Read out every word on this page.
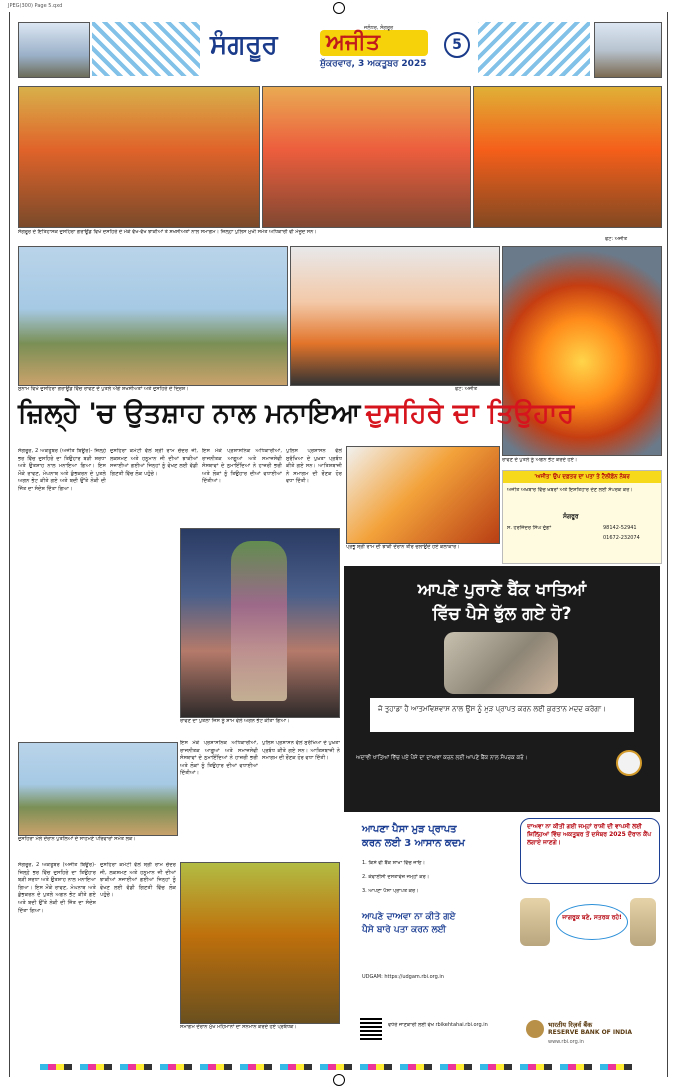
JPEG(300) Page 5.qxd
ਸੰਗਰੂਰ ਅਜੀਤ
ਜਲੰਧਰ, ਸੰਗਰੂਰ
ਸ਼ੁੱਕਰਵਾਰ, 3 ਅਕਤੂਬਰ 2025
5
ਸੰਗਰੂਰ ਦੇ ਇਤਿਹਾਸਕ ਦੁਸਹਿਰਾ ਗਰਾਊਂਡ ਵਿਖੇ ਦਸਹਿਰੇ ਦੇ ਮੌਕੇ ਵੱਖ-ਵੱਖ ਝਾਕੀਆਂ ਤੇ ਸ਼ਖਸੀਅਤਾਂ ਨਾਲ ਸਮਾਗਮ। ਜ਼ਿਲ੍ਹਾ ਪੁਲਿਸ ਮੁਖੀ ਸਮੇਤ ਅਧਿਕਾਰੀ ਵੀ ਮੌਜੂਦ ਸਨ।
ਫੋਟੋ: ਅਜੀਤ
ਸੁਨਾਮ ਵਿਖੇ ਦੁਸਹਿਰਾ ਗਰਾਊਂਡ ਵਿੱਚ ਰਾਵਣ ਦੇ ਪੁਤਲੇ ਅੱਗੇ ਸ਼ਖਸੀਅਤਾਂ ਅਤੇ ਦੁਸਹਿਰੇ ਦੇ ਦ੍ਰਿਸ਼।	ਫੋਟੋ: ਅਜੀਤ
ਰਾਵਣ ਦੇ ਪੁਤਲੇ ਨੂੰ ਅਗਨ ਭੇਟ ਕਰਦੇ ਹੋਏ।
ਜ਼ਿਲ੍ਹੇ 'ਚ ਉਤਸ਼ਾਹ ਨਾਲ ਮਨਾਇਆ ਦੁਸਹਿਰੇ ਦਾ ਤਿਉਹਾਰ
ਸੰਗਰੂਰ, 2 ਅਕਤੂਬਰ (ਅਜੀਤ ਬਿਊਰੋ)- ਜ਼ਿਲ੍ਹੇ ਭਰ ਵਿੱਚ ਦੁਸਹਿਰੇ ਦਾ ਤਿਉਹਾਰ ਬੜੀ ਸ਼ਰਧਾ ਅਤੇ ਉਤਸ਼ਾਹ ਨਾਲ ਮਨਾਇਆ ਗਿਆ। ਇਸ ਮੌਕੇ ਰਾਵਣ, ਮੇਘਨਾਥ ਅਤੇ ਕੁੰਭਕਰਨ ਦੇ ਪੁਤਲੇ ਅਗਨ ਭੇਟ ਕੀਤੇ ਗਏ ਅਤੇ ਬਦੀ ਉੱਤੇ ਨੇਕੀ ਦੀ ਜਿੱਤ ਦਾ ਸੰਦੇਸ਼ ਦਿੱਤਾ ਗਿਆ।
ਦੁਸਹਿਰਾ ਕਮੇਟੀ ਵੱਲੋਂ ਸ਼੍ਰੀ ਰਾਮ ਚੰਦਰ ਜੀ, ਲਕਸ਼ਮਣ ਅਤੇ ਹਨੂਮਾਨ ਜੀ ਦੀਆਂ ਝਾਕੀਆਂ ਸਜਾਈਆਂ ਗਈਆਂ ਜਿਨ੍ਹਾਂ ਨੂੰ ਵੇਖਣ ਲਈ ਵੱਡੀ ਗਿਣਤੀ ਵਿੱਚ ਲੋਕ ਪਹੁੰਚੇ।
ਇਸ ਮੌਕੇ ਪ੍ਰਸ਼ਾਸਨਿਕ ਅਧਿਕਾਰੀਆਂ, ਰਾਜਨੀਤਕ ਆਗੂਆਂ ਅਤੇ ਸਮਾਜਸੇਵੀ ਸੰਸਥਾਵਾਂ ਦੇ ਨੁਮਾਇੰਦਿਆਂ ਨੇ ਹਾਜ਼ਰੀ ਭਰੀ ਅਤੇ ਲੋਕਾਂ ਨੂੰ ਤਿਉਹਾਰ ਦੀਆਂ ਵਧਾਈਆਂ ਦਿੱਤੀਆਂ।
ਪੁਲਿਸ ਪ੍ਰਸ਼ਾਸਨ ਵੱਲੋਂ ਸੁਰੱਖਿਆ ਦੇ ਪੁਖ਼ਤਾ ਪ੍ਰਬੰਧ ਕੀਤੇ ਗਏ ਸਨ। ਆਤਿਸ਼ਬਾਜ਼ੀ ਨੇ ਸਮਾਗਮ ਦੀ ਰੌਣਕ ਹੋਰ ਵਧਾ ਦਿੱਤੀ।
ਪ੍ਰਭੂ ਸ਼੍ਰੀ ਰਾਮ ਦੀ ਝਾਕੀ ਦੌਰਾਨ ਤੀਰ ਚਲਾਉਂਦੇ ਹੋਏ ਕਲਾਕਾਰ।
'ਅਜੀਤ' ਉਪ ਦਫ਼ਤਰ ਦਾ ਪਤਾ ਤੇ ਟੈਲੀਫ਼ੋਨ ਨੰਬਰ
ਅਜੀਤ ਅਖ਼ਬਾਰ ਵਿੱਚ ਖ਼ਬਰਾਂ ਅਤੇ ਇਸ਼ਤਿਹਾਰ ਦੇਣ ਲਈ ਸੰਪਰਕ ਕਰੋ।
ਸੰਗਰੂਰ
ਸ. ਹਰਜਿੰਦਰ ਸਿੰਘ ਦੁੱਗਾਂ	98142-52941
01672-232074
ਰਾਵਣ ਦਾ ਪੁਤਲਾ ਜਿਸ ਨੂੰ ਸ਼ਾਮ ਵੇਲੇ ਅਗਨ ਭੇਟ ਕੀਤਾ ਗਿਆ।
ਦੁਸਹਿਰਾ ਮੇਲੇ ਦੌਰਾਨ ਪੁਤਲਿਆਂ ਦੇ ਸਾਹਮਣੇ ਪਰਿਵਾਰਾਂ ਸਮੇਤ ਲੋਕ।
ਸੰਗਰੂਰ, 2 ਅਕਤੂਬਰ (ਅਜੀਤ ਬਿਊਰੋ)- ਜ਼ਿਲ੍ਹੇ ਭਰ ਵਿੱਚ ਦੁਸਹਿਰੇ ਦਾ ਤਿਉਹਾਰ ਬੜੀ ਸ਼ਰਧਾ ਅਤੇ ਉਤਸ਼ਾਹ ਨਾਲ ਮਨਾਇਆ ਗਿਆ। ਇਸ ਮੌਕੇ ਰਾਵਣ, ਮੇਘਨਾਥ ਅਤੇ ਕੁੰਭਕਰਨ ਦੇ ਪੁਤਲੇ ਅਗਨ ਭੇਟ ਕੀਤੇ ਗਏ ਅਤੇ ਬਦੀ ਉੱਤੇ ਨੇਕੀ ਦੀ ਜਿੱਤ ਦਾ ਸੰਦੇਸ਼ ਦਿੱਤਾ ਗਿਆ।
ਦੁਸਹਿਰਾ ਕਮੇਟੀ ਵੱਲੋਂ ਸ਼੍ਰੀ ਰਾਮ ਚੰਦਰ ਜੀ, ਲਕਸ਼ਮਣ ਅਤੇ ਹਨੂਮਾਨ ਜੀ ਦੀਆਂ ਝਾਕੀਆਂ ਸਜਾਈਆਂ ਗਈਆਂ ਜਿਨ੍ਹਾਂ ਨੂੰ ਵੇਖਣ ਲਈ ਵੱਡੀ ਗਿਣਤੀ ਵਿੱਚ ਲੋਕ ਪਹੁੰਚੇ।
ਇਸ ਮੌਕੇ ਪ੍ਰਸ਼ਾਸਨਿਕ ਅਧਿਕਾਰੀਆਂ, ਰਾਜਨੀਤਕ ਆਗੂਆਂ ਅਤੇ ਸਮਾਜਸੇਵੀ ਸੰਸਥਾਵਾਂ ਦੇ ਨੁਮਾਇੰਦਿਆਂ ਨੇ ਹਾਜ਼ਰੀ ਭਰੀ ਅਤੇ ਲੋਕਾਂ ਨੂੰ ਤਿਉਹਾਰ ਦੀਆਂ ਵਧਾਈਆਂ ਦਿੱਤੀਆਂ।
ਪੁਲਿਸ ਪ੍ਰਸ਼ਾਸਨ ਵੱਲੋਂ ਸੁਰੱਖਿਆ ਦੇ ਪੁਖ਼ਤਾ ਪ੍ਰਬੰਧ ਕੀਤੇ ਗਏ ਸਨ। ਆਤਿਸ਼ਬਾਜ਼ੀ ਨੇ ਸਮਾਗਮ ਦੀ ਰੌਣਕ ਹੋਰ ਵਧਾ ਦਿੱਤੀ।
ਸਮਾਗਮ ਦੌਰਾਨ ਮੁੱਖ ਮਹਿਮਾਨਾਂ ਦਾ ਸਨਮਾਨ ਕਰਦੇ ਹੋਏ ਪ੍ਰਬੰਧਕ।
ਆਪਣੇ ਪੁਰਾਣੇ ਬੈਂਕ ਖਾਤਿਆਂ
ਵਿੱਚ ਪੈਸੇ ਭੁੱਲ ਗਏ ਹੋ?
ਜੋ ਤੁਹਾਡਾ ਹੈ ਆਤਮਵਿਸ਼ਵਾਸ ਨਾਲ ਉਸ ਨੂੰ ਮੁੜ ਪ੍ਰਾਪਤ ਕਰਨ ਲਈ ਕੁਰਤਾਨ ਮਦਦ ਕਰੇਗਾ।
ਅਦਾਵੀ ਖਾਤਿਆਂ ਵਿੱਚ ਪਏ ਪੈਸੇ ਦਾ ਦਾਅਵਾ ਕਰਨ ਲਈ ਆਪਣੇ ਬੈਂਕ ਨਾਲ ਸੰਪਰਕ ਕਰੋ।
ਆਪਣਾ ਪੈਸਾ ਮੁੜ ਪ੍ਰਾਪਤ
ਕਰਨ ਲਈ 3 ਆਸਾਨ ਕਦਮ
1. ਕਿਸੇ ਵੀ ਬੈਂਕ ਸ਼ਾਖਾ ਵਿੱਚ ਜਾਓ।
2. ਕੇਵਾਈਸੀ ਦਸਤਾਵੇਜ਼ ਜਮ੍ਹਾਂ ਕਰੋ।
3. ਆਪਣਾ ਪੈਸਾ ਪ੍ਰਾਪਤ ਕਰੋ।
ਦਾਅਵਾ ਨਾ ਕੀਤੀ ਗਈ ਜਮ੍ਹਾਂ ਰਾਸ਼ੀ ਦੀ ਵਾਪਸੀ ਲਈ ਜ਼ਿਲ੍ਹਿਆਂ ਵਿੱਚ ਅਕਤੂਬਰ ਤੋਂ ਦਸੰਬਰ 2025 ਦੌਰਾਨ ਕੈਂਪ ਲਗਾਏ ਜਾਣਗੇ।
ਆਪਣੇ ਦਾਅਵਾ ਨਾ ਕੀਤੇ ਗਏ
ਪੈਸੇ ਬਾਰੇ ਪਤਾ ਕਰਨ ਲਈ
UDGAM: https://udgam.rbi.org.in
ਜਾਗਰੂਕ ਬਣੋ, ਸਤਰਕ ਰਹੋ!
ਵਧੇਰੇ ਜਾਣਕਾਰੀ ਲਈ ਵੇਖੋ rbikehtahai.rbi.org.in	भारतीय रिज़र्व बैंक
RESERVE BANK OF INDIA
www.rbi.org.in
